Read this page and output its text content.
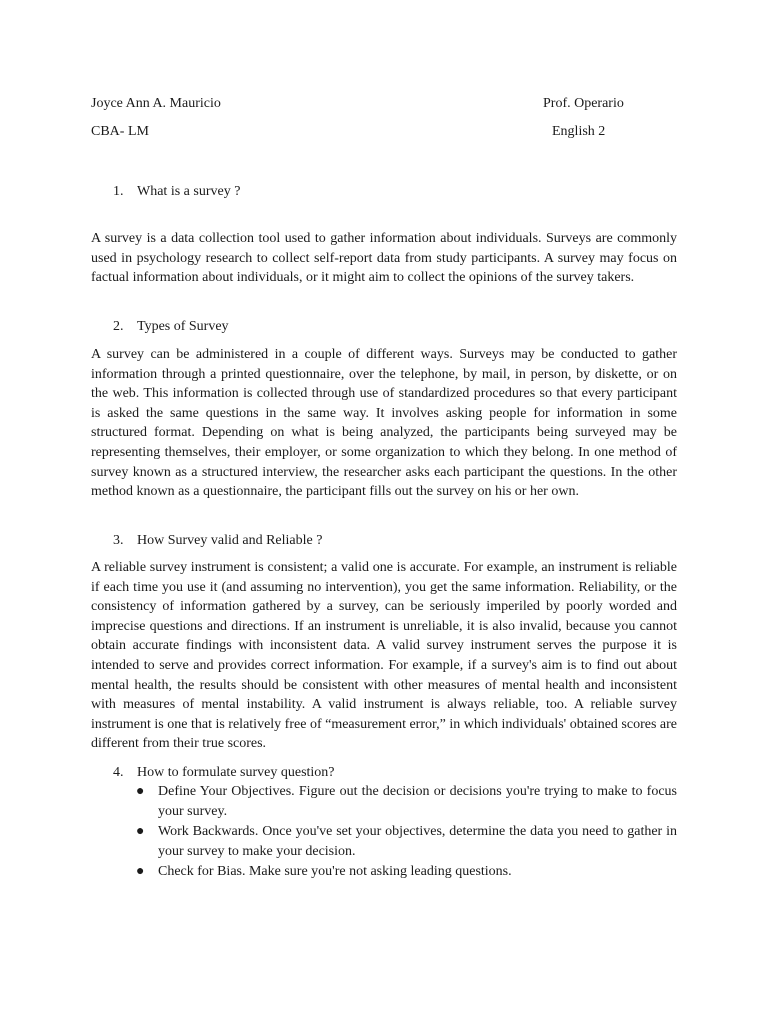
Joyce Ann A. Mauricio	Prof. Operario
CBA- LM	English 2
1. What is a survey ?
A survey is a data collection tool used to gather information about individuals. Surveys are commonly used in psychology research to collect self-report data from study participants. A survey may focus on factual information about individuals, or it might aim to collect the opinions of the survey takers.
2. Types of Survey
A survey can be administered in a couple of different ways. Surveys may be conducted to gather information through a printed questionnaire, over the telephone, by mail, in person, by diskette, or on the web. This information is collected through use of standardized procedures so that every participant is asked the same questions in the same way. It involves asking people for information in some structured format. Depending on what is being analyzed, the participants being surveyed may be representing themselves, their employer, or some organization to which they belong. In one method of survey known as a structured interview, the researcher asks each participant the questions. In the other method known as a questionnaire, the participant fills out the survey on his or her own.
3. How Survey valid and Reliable ?
A reliable survey instrument is consistent; a valid one is accurate. For example, an instrument is reliable if each time you use it (and assuming no intervention), you get the same information. Reliability, or the consistency of information gathered by a survey, can be seriously imperiled by poorly worded and imprecise questions and directions. If an instrument is unreliable, it is also invalid, because you cannot obtain accurate findings with inconsistent data. A valid survey instrument serves the purpose it is intended to serve and provides correct information. For example, if a survey's aim is to find out about mental health, the results should be consistent with other measures of mental health and inconsistent with measures of mental instability. A valid instrument is always reliable, too. A reliable survey instrument is one that is relatively free of “measurement error,” in which individuals' obtained scores are different from their true scores.
4. How to formulate survey question?
● Define Your Objectives. Figure out the decision or decisions you're trying to make to focus your survey.
● Work Backwards. Once you've set your objectives, determine the data you need to gather in your survey to make your decision.
● Check for Bias. Make sure you're not asking leading questions.
